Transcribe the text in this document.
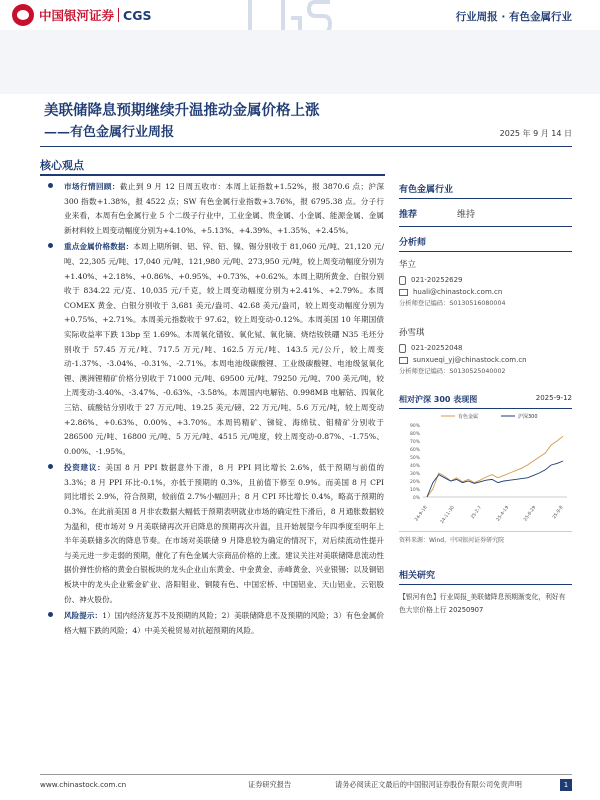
中国银河证券 CGS	行业周报 · 有色金属行业
美联储降息预期继续升温推动金属价格上涨
——有色金属行业周报	2025 年 9 月 14 日
核心观点
市场行情回顾：截止到 9 月 12 日周五收市：本周上证指数+1.52%，报 3870.6 点；沪深 300 指数+1.38%，报 4522 点；SW 有色金属行业指数+3.76%，报 6795.38 点。分子行业来看，本周有色金属行业 5 个二级子行业中，工业金属、贵金属、小金属、能源金属、金属新材料较上周变动幅度分别为+4.10%、+5.13%、+4.39%、+1.35%、+2.45%。
重点金属价格数据：本周上期所铜、铝、锌、铅、镍、锡分别收于 81,060 元/吨、21,120 元/吨、22,305 元/吨、17,040 元/吨、121,980 元/吨、273,950 元/吨，较上周变动幅度分别为+1.40%、+2.18%、+0.86%、+0.95%、+0.73%、+0.62%。本周上期所黄金、白银分别收于 834.22 元/克、10,035 元/千克，较上周变动幅度分别为+2.41%、+2.79%。本周 COMEX 黄金、白银分别收于 3,681 美元/盎司、42.68 美元/盎司，较上周变动幅度分别为+0.75%、+2.71%。本周美元指数收于 97.62，较上周变动-0.12%。本周美国 10 年期国债实际收益率下跌 13bp 至 1.69%。本周氧化镨钕、氧化铽、氧化镝、烧结钕铁硼 N35 毛坯分别收于 57.45 万元/吨、717.5 万元/吨、162.5 万元/吨、143.5 元/公斤，较上周变动-1.37%、-3.04%、-0.31%、-2.71%。本周电池级碳酸锂、工业级碳酸锂、电池级氢氧化锂、澳洲锂精矿价格分别收于 71000 元/吨、69500 元/吨、79250 元/吨、700 美元/吨，较上周变动-3.40%、-3.47%、-0.63%、-3.58%。本周国内电解钴、0.998MB 电解钴、四氧化三钴、硫酸钴分别收于 27 万元/吨、19.25 美元/磅、22 万元/吨、5.6 万元/吨，较上周变动+2.86%、+0.63%、0.00%、+3.70%。本周钨精矿、锑锭、海绵钛、钼精矿分别收于 286500 元/吨、16800 元/吨、5 万元/吨、4515 元/吨度，较上周变动-0.87%、-1.75%、0.00%、-1.95%。
投资建议：美国 8 月 PPI 数据意外下滑，8 月 PPI 同比增长 2.6%，低于预期与前值的 3.3%；8 月 PPI 环比-0.1%，亦低于预期的 0.3%，且前值下修至 0.9%。而美国 8 月 CPI 同比增长 2.9%，符合预期，较前值 2.7%小幅回升；8 月 CPI 环比增长 0.4%，略高于预期的 0.3%。在此前美国 8 月非农数据大幅低于预期表明就业市场的确定性下滑后，8 月通胀数据较为温和，使市场对 9 月美联储再次开启降息的预期再次升温，且开始展望今年四季度至明年上半年美联储多次的降息节奏。在市场对美联储 9 月降息较为确定的情况下，对后续流动性提升与美元进一步走弱的预期，催化了有色金属大宗商品价格的上涨。建议关注对美联储降息流动性据价弹性价格的黄金白银板块的龙头企业山东黄金、中金黄金、赤峰黄金、兴业银锡；以及铜铝板块中的龙头企业紫金矿业、洛阳钼业、铜陵有色、中国宏桥、中国铝业、天山铝业、云铝股份、神火股份。
风险提示：1）国内经济复苏不及预期的风险；2）美联储降息不及预期的风险；3）有色金属价格大幅下跌的风险；4）中美关税贸易对抗超预期的风险。
有色金属行业
推荐	维持
分析师
华立
021-20252629
huali@chinastock.com.cn
分析师登记编码：S0130516080004
孙雪琪
021-20252048
sunxueqi_yj@chinastock.com.cn
分析师登记编码：S0130525040002
相对沪深 300 表现图	2025-9-12
0%
10%
20%
30%
40%
50%
60%
70%
80%
90%
24-9-18	24-11-30	25-2-7	25-4-19	25-6-29	25-9-8
有色金属	沪深300
资料来源：Wind，中国银河证券研究院
相关研究
【银河有色】行业周报_美联储降息预期渐变化，利好有色大宗价格上行 20250907
www.chinastock.com.cn	证券研究报告	请务必阅读正文最后的中国银河证券股份有限公司免责声明	1
